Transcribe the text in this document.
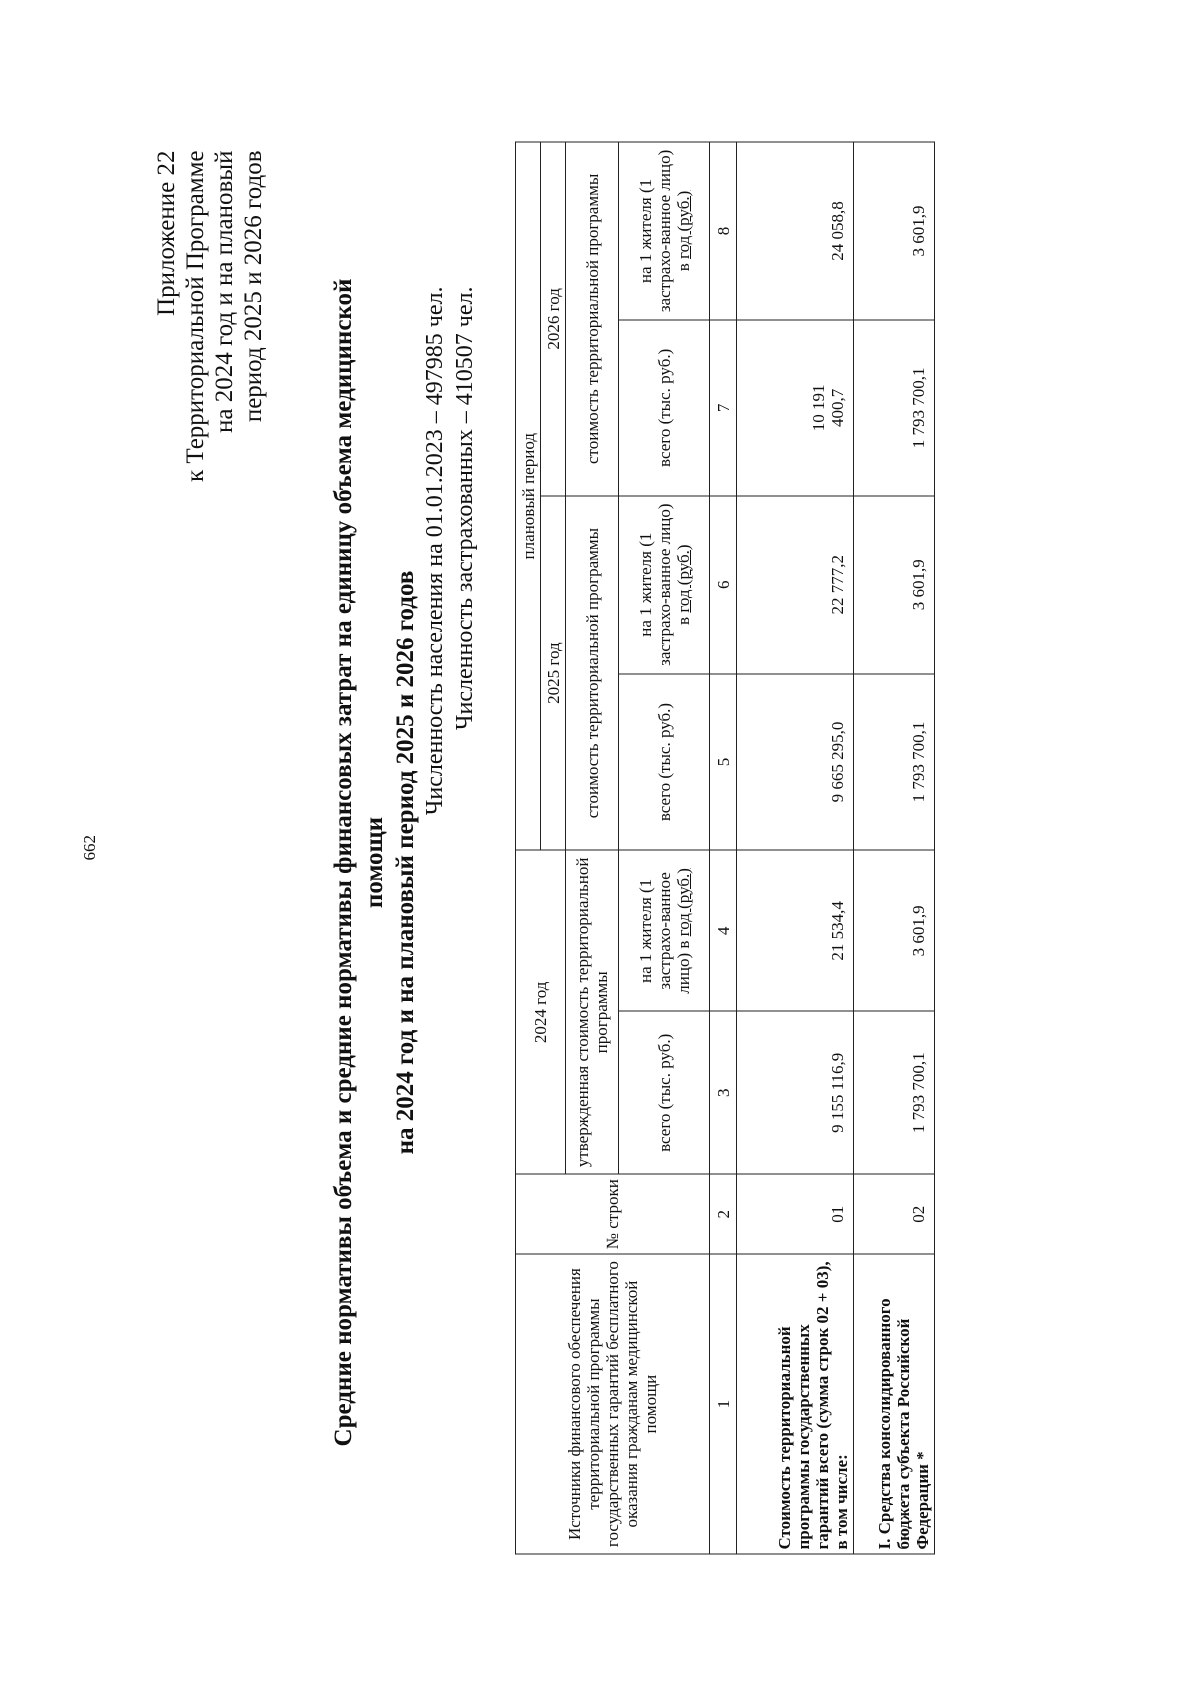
662
Приложение 22 к Территориальной Программе на 2024 год и на плановый период 2025 и 2026 годов	Средние нормативы объема и средние нормативы финансовых затрат на единицу объема медицинской помощи на 2024 год и на плановый период 2025 и 2026 годов
Численность населения на 01.01.2023 – 497985 чел. Численность застрахованных – 410507 чел.
Источники финансового обеспечения территориальной программы государственных гарантий бесплатного оказания гражданам медицинской помощи	№ строки	2024 год		плановый период			
				2025 год		2026 год	
		утвержденная стоимость территориальной программы		стоимость территориальной программы		стоимость территориальной программы	
		всего (тыс. руб.)	на 1 жителя (1 застрахо-ванное лицо) в год (руб.)	всего (тыс. руб.)	на 1 жителя (1 застрахо-ванное лицо) в год (руб.)	всего (тыс. руб.)	на 1 жителя (1 застрахо-ванное лицо) в год (руб.)
1	2	3	4	5	6	7	8
Стоимость территориальной программы государственных гарантий всего (сумма строк 02 + 03), в том числе:	01	9 155 116,9	21 534,4	9 665 295,0	22 777,2	10 191 400,7	24 058,8
I. Средства консолидированного бюджета субъекта Российской Федерации *	02	1 793 700,1	3 601,9	1 793 700,1	3 601,9	1 793 700,1	3 601,9
